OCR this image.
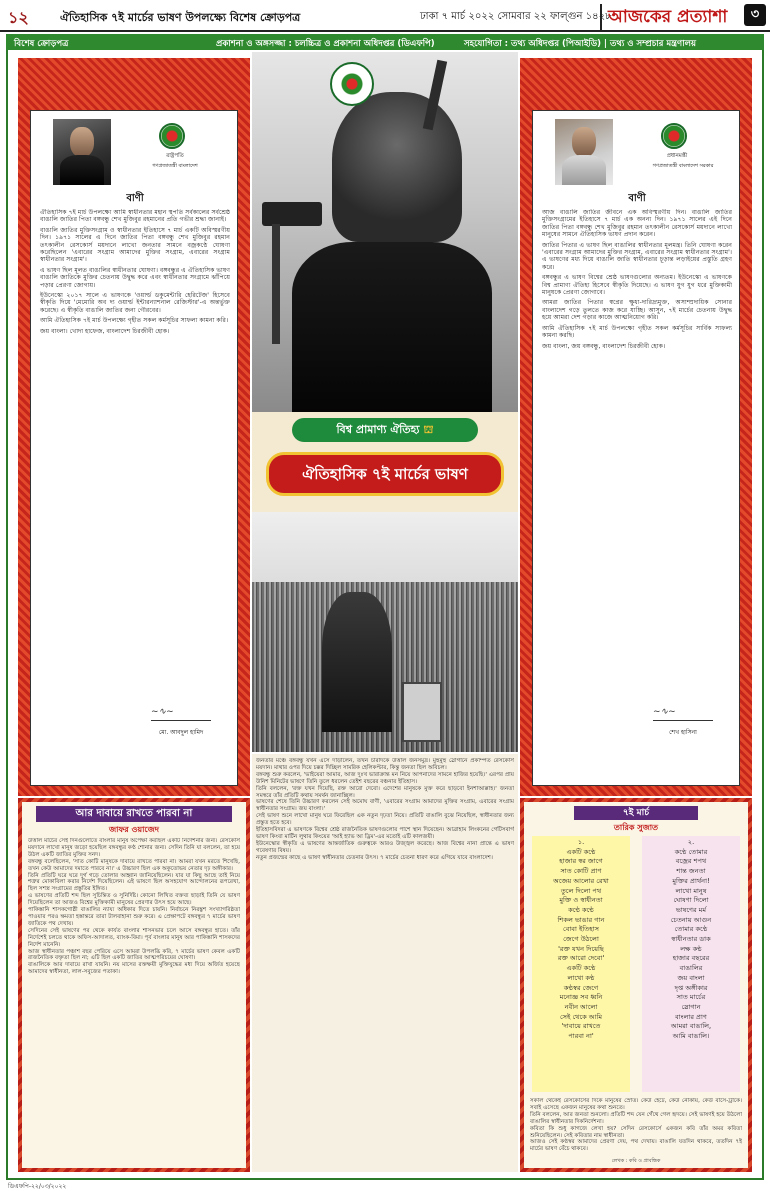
১২	ঐতিহাসিক ৭ই মার্চের ভাষণ উপলক্ষ্যে বিশেষ ক্রোড়পত্র	ঢাকা ৭ মার্চ ২০২২ সোমবার ২২ ফাল্গুন ১৪২৮
আজকের প্রত্যাশা	৩
বিশেষ ক্রোড়পত্র	প্রকাশনা ও অঙ্গসজ্জা : চলচ্চিত্র ও প্রকাশনা অধিদপ্তর (ডিএফপি)	সহযোগিতা : তথ্য অধিদপ্তর (পিআইডি) | তথ্য ও সম্প্রচার মন্ত্রণালয়
রাষ্ট্রপতি
গণপ্রজাতন্ত্রী বাংলাদেশ
বাণী

ঐতিহাসিক ৭ই মার্চ উপলক্ষ্যে আমি স্বাধীনতার মহান স্থপতি সর্বকালের সর্বশ্রেষ্ঠ বাঙালি জাতির পিতা বঙ্গবন্ধু শেখ মুজিবুর রহমানের প্রতি গভীর শ্রদ্ধা জানাই।

বাঙালি জাতির মুক্তিসংগ্রাম ও স্বাধীনতার ইতিহাসে ৭ মার্চ একটি অবিস্মরণীয় দিন। ১৯৭১ সালের এ দিনে জাতির পিতা বঙ্গবন্ধু শেখ মুজিবুর রহমান তৎকালীন রেসকোর্স ময়দানে লাখো জনতার সামনে বজ্রকণ্ঠে ঘোষণা করেছিলেন 'এবারের সংগ্রাম আমাদের মুক্তির সংগ্রাম, এবারের সংগ্রাম স্বাধীনতার সংগ্রাম'।

এ ভাষণ ছিল মূলত বাঙালির স্বাধীনতার ঘোষণা। বঙ্গবন্ধুর এ ঐতিহাসিক ভাষণ বাঙালি জাতিকে মুক্তির চেতনায় উদ্বুদ্ধ করে এবং স্বাধীনতার সংগ্রামে ঝাঁপিয়ে পড়ার প্রেরণা জোগায়।

ইউনেস্কো ২০১৭ সালে এ ভাষণকে 'ওয়ার্ল্ড ডকুমেন্টারি হেরিটেজ' হিসেবে স্বীকৃতি দিয়ে 'মেমোরি অব দ্য ওয়ার্ল্ড ইন্টারন্যাশনাল রেজিস্টার'-এ অন্তর্ভুক্ত করেছে। এ স্বীকৃতি বাঙালি জাতির জন্য গৌরবের।

আমি ঐতিহাসিক ৭ই মার্চ উপলক্ষ্যে গৃহীত সকল কর্মসূচির সাফল্য কামনা করি।

জয় বাংলা। খোদা হাফেজ, বাংলাদেশ চিরজীবী হোক।

~∿~
মো. আবদুল হামিদ
প্রধানমন্ত্রী
গণপ্রজাতন্ত্রী বাংলাদেশ সরকার
বাণী

আজ বাঙালি জাতির জীবনে এক অবিস্মরণীয় দিন। বাঙালি জাতির মুক্তিসংগ্রামের ইতিহাসে ৭ মার্চ এক অনন্য দিন। ১৯৭১ সালের এই দিনে জাতির পিতা বঙ্গবন্ধু শেখ মুজিবুর রহমান তৎকালীন রেসকোর্স ময়দানে লাখো মানুষের সামনে ঐতিহাসিক ভাষণ প্রদান করেন।

জাতির পিতার এ ভাষণ ছিল বাঙালির স্বাধীনতার মূলমন্ত্র। তিনি ঘোষণা করেন 'এবারের সংগ্রাম আমাদের মুক্তির সংগ্রাম, এবারের সংগ্রাম স্বাধীনতার সংগ্রাম'। এ ভাষণের মধ্য দিয়ে বাঙালি জাতি স্বাধীনতার চূড়ান্ত লড়াইয়ের প্রস্তুতি গ্রহণ করে।

বঙ্গবন্ধুর এ ভাষণ বিশ্বের শ্রেষ্ঠ ভাষণগুলোর অন্যতম। ইউনেস্কো এ ভাষণকে বিশ্ব প্রামাণ্য ঐতিহ্য হিসেবে স্বীকৃতি দিয়েছে। এ ভাষণ যুগ যুগ ধরে মুক্তিকামী মানুষকে প্রেরণা জোগাবে।

আমরা জাতির পিতার স্বপ্নের ক্ষুধা-দারিদ্র্যমুক্ত, অসাম্প্রদায়িক সোনার বাংলাদেশ গড়ে তুলতে কাজ করে যাচ্ছি। আসুন, ৭ই মার্চের চেতনায় উদ্বুদ্ধ হয়ে আমরা দেশ গড়ার কাজে আত্মনিয়োগ করি।

আমি ঐতিহাসিক ৭ই মার্চ উপলক্ষ্যে গৃহীত সকল কর্মসূচির সার্বিক সাফল্য কামনা করছি।

জয় বাংলা, জয় বঙ্গবন্ধু, বাংলাদেশ চিরজীবী হোক।

~∿~
শেখ হাসিনা
বিশ্ব প্রামাণ্য ঐতিহ্য ⛫
ঐতিহাসিক ৭ই মার্চের ভাষণ
আর দাবায়ে রাখতে পারবা না
জাফর ওয়াজেদ

উত্তাল মার্চের সেই দিনগুলোতে বাংলার মানুষ অপেক্ষা করছিল একটি নির্দেশনার জন্য। রেসকোর্স ময়দানে লাখো মানুষ জড়ো হয়েছিল বঙ্গবন্ধুর কণ্ঠ শোনার জন্য। সেদিন তিনি যা বললেন, তা হয়ে উঠল একটি জাতির মুক্তির সনদ।

বঙ্গবন্ধু বলেছিলেন, 'সাত কোটি মানুষকে দাবায়ে রাখতে পারবা না। আমরা যখন মরতে শিখেছি, তখন কেউ আমাদের দমাতে পারবে না।' এ উচ্চারণ ছিল এক অকুতোভয় নেতার দৃঢ় অঙ্গীকার।

তিনি প্রতিটি ঘরে ঘরে দুর্গ গড়ে তোলার আহ্বান জানিয়েছিলেন। যার যা কিছু আছে তাই নিয়ে শত্রুর মোকাবিলা করার নির্দেশ দিয়েছিলেন। এই ভাষণে ছিল অসহযোগ আন্দোলনের রূপরেখা, ছিল সশস্ত্র সংগ্রামের প্রস্তুতির ইঙ্গিত।

এ ভাষণের প্রতিটি শব্দ ছিল সুচিন্তিত ও সুনির্দিষ্ট। কোনো লিখিত বক্তব্য ছাড়াই তিনি যে ভাষণ দিয়েছিলেন তা আজও বিশ্বের মুক্তিকামী মানুষের প্রেরণার উৎস হয়ে আছে।

পাকিস্তানি শাসকগোষ্ঠী বাঙালির ন্যায্য অধিকার দিতে চায়নি। নির্বাচনে নিরঙ্কুশ সংখ্যাগরিষ্ঠতা পাওয়ার পরও ক্ষমতা হস্তান্তরে তারা টালবাহানা শুরু করে। এ প্রেক্ষাপটে বঙ্গবন্ধুর ৭ মার্চের ভাষণ জাতিকে পথ দেখায়।

সেদিনের সেই ভাষণের পর থেকে কার্যত বাংলার শাসনভার চলে আসে বঙ্গবন্ধুর হাতে। তাঁর নির্দেশেই চলতে থাকে অফিস-আদালত, ব্যাংক-বিমা। পূর্ব বাংলার মানুষ আর পাকিস্তানি শাসকদের নির্দেশ মানেনি।

আজ স্বাধীনতার পঞ্চাশ বছর পেরিয়ে এসে আমরা উপলব্ধি করি, ৭ মার্চের ভাষণ কেবল একটি রাজনৈতিক বক্তৃতা ছিল না; এটি ছিল একটি জাতির আত্মপরিচয়ের ঘোষণা।

বাঙালিকে আর দাবায়ে রাখা যায়নি। নয় মাসের রক্তক্ষয়ী মুক্তিযুদ্ধের মধ্য দিয়ে অর্জিত হয়েছে আমাদের স্বাধীনতা, লাল-সবুজের পতাকা।

জনতার মঞ্চে বঙ্গবন্ধু যখন এসে দাঁড়ালেন, তখন চারদিকে উত্তাল জনসমুদ্র। মুহুর্মুহু স্লোগানে প্রকম্পিত রেসকোর্স ময়দান। মাথার ওপর দিয়ে চক্কর দিচ্ছিল সামরিক হেলিকপ্টার, কিন্তু জনতা ছিল অবিচল।

বঙ্গবন্ধু শুরু করলেন, 'ভাইয়েরা আমার, আজ দুঃখ ভারাক্রান্ত মন নিয়ে আপনাদের সামনে হাজির হয়েছি।' এরপর প্রায় উনিশ মিনিটের ভাষণে তিনি তুলে ধরলেন তেইশ বছরের বঞ্চনার ইতিহাস।

তিনি বললেন, 'রক্ত যখন দিয়েছি, রক্ত আরো দেবো। এদেশের মানুষকে মুক্ত করে ছাড়বো ইনশাআল্লাহ।' জনতা সমস্বরে তাঁর প্রতিটি কথায় সমর্থন জানাচ্ছিল।

ভাষণের শেষে তিনি উচ্চারণ করলেন সেই অমোঘ বাণী, 'এবারের সংগ্রাম আমাদের মুক্তির সংগ্রাম, এবারের সংগ্রাম স্বাধীনতার সংগ্রাম। জয় বাংলা।'

সেই ভাষণ শুনে লাখো মানুষ ঘরে ফিরেছিল এক নতুন দৃঢ়তা নিয়ে। প্রতিটি বাঙালি বুঝে নিয়েছিল, স্বাধীনতার জন্য প্রস্তুত হতে হবে।

ইতিহাসবিদরা এ ভাষণকে বিশ্বের শ্রেষ্ঠ রাজনৈতিক ভাষণগুলোর পাশে স্থান দিয়েছেন। আব্রাহাম লিংকনের গেটিসবার্গ ভাষণ কিংবা মার্টিন লুথার কিংয়ের 'আই হ্যাভ আ ড্রিম'-এর মতোই এটি কালজয়ী।

ইউনেস্কোর স্বীকৃতি এ ভাষণের আন্তর্জাতিক গুরুত্বকে আরও উজ্জ্বল করেছে। আজ বিশ্বের নানা প্রান্তে এ ভাষণ গবেষণার বিষয়।

নতুন প্রজন্মের কাছে এ ভাষণ স্বাধীনতার চেতনার উৎস। ৭ মার্চের চেতনা ধারণ করে এগিয়ে যাবে বাংলাদেশ।

৭ই মার্চ
তারিক সুজাত
১.
একটি কণ্ঠে
হাজার স্বর জাগে
সাত কোটি প্রাণ
অজেয় আলোর রেখা
তুলে দিলো পথ
মুক্তি ও স্বাধীনতা
কণ্ঠে কণ্ঠে
শিকল ভাঙার গান
বোবা ইতিহাস
জেগে উঠলো
'রক্ত যখন দিয়েছি
রক্ত আরো দেবো'
একটি কণ্ঠে
লাখো কণ্ঠ
কণ্ঠস্বর জেগে
মনোজ্ঞ সব ধ্বনি
নবীন আলো
সেই থেকে আমি
'দাবায়ে রাখতে
পারবা না'
২.
কণ্ঠে তোমার
বজ্রের শপথ
শান্ত জনতা
মুক্তির প্রার্থনা!
লাখো মানুষ
ঘোষণা দিলো
ভাষণের মর্ম
চেতনায় আগুন
তোমার কণ্ঠে
স্বাধীনতার ডাক
লক্ষ কণ্ঠ
হাজার বছরের
বাঙালির
জয় বাংলা
দৃপ্ত অঙ্গীকার
সাত মার্চের
স্লোগান
বাংলার প্রাণ
আমরা বাঙালি,
আমি বাঙালি।

সকাল থেকেই রেসকোর্সের দিকে মানুষের স্রোত। কেউ হেঁটে, কেউ নৌকায়, কেউ বাসে-ট্রাকে। সবাই এসেছে একজন মানুষের কথা শুনতে।

তিনি বললেন, আর জনতা শুনলো। প্রতিটি শব্দ যেন গেঁথে গেল হৃদয়ে। সেই ভাষণই হয়ে উঠলো বাঙালির স্বাধীনতার দিকনির্দেশনা।

কবিতা কি শুধু কাগজে লেখা হয়? সেদিন রেসকোর্সে একজন কবি তাঁর অমর কবিতা শুনিয়েছিলেন। সেই কবিতার নাম স্বাধীনতা।

আজও সেই কণ্ঠস্বর আমাদের প্রেরণা দেয়, পথ দেখায়। বাঙালি যতদিন থাকবে, ততদিন ৭ই মার্চের ভাষণ বেঁচে থাকবে।

লেখক : কবি ও প্রাবন্ধিক
ডিএফপি-২২/০৩/২০২২
